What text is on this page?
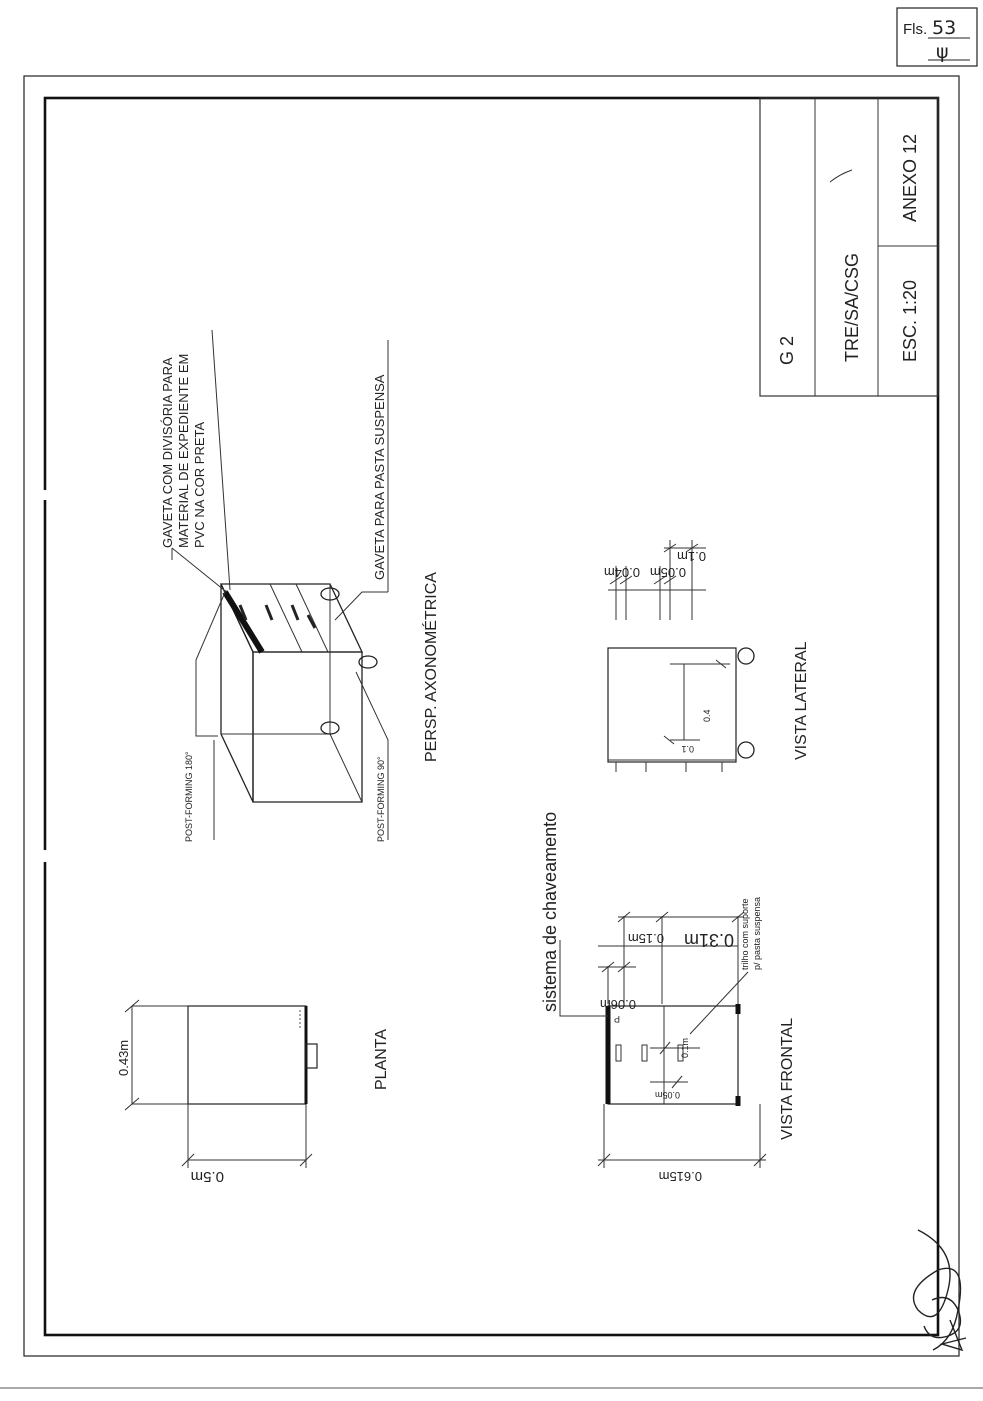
Fls. 53
ψ
G 2	TRE/SA/CSG ESC. 1:20
ANEXO 12
GAVETA COM DIVISÓRIA PARA MATERIAL DE EXPEDIENTE EM PVC NA COR PRETA	GAVETA PARA PASTA SUSPENSA
POST-FORMING 180°	POST-FORMING 90°
PERSP. AXONOMÉTRICA
0.43m
0.5m
PLANTA
sistema de chaveamento
P
0.06m
0.15m 0.31m trilho com suporte p/ pasta suspensa
0.05m
0.1m
0.615m
VISTA FRONTAL
0.04m 0.05m
0.1m
0.4
0.1	VISTA LATERAL
